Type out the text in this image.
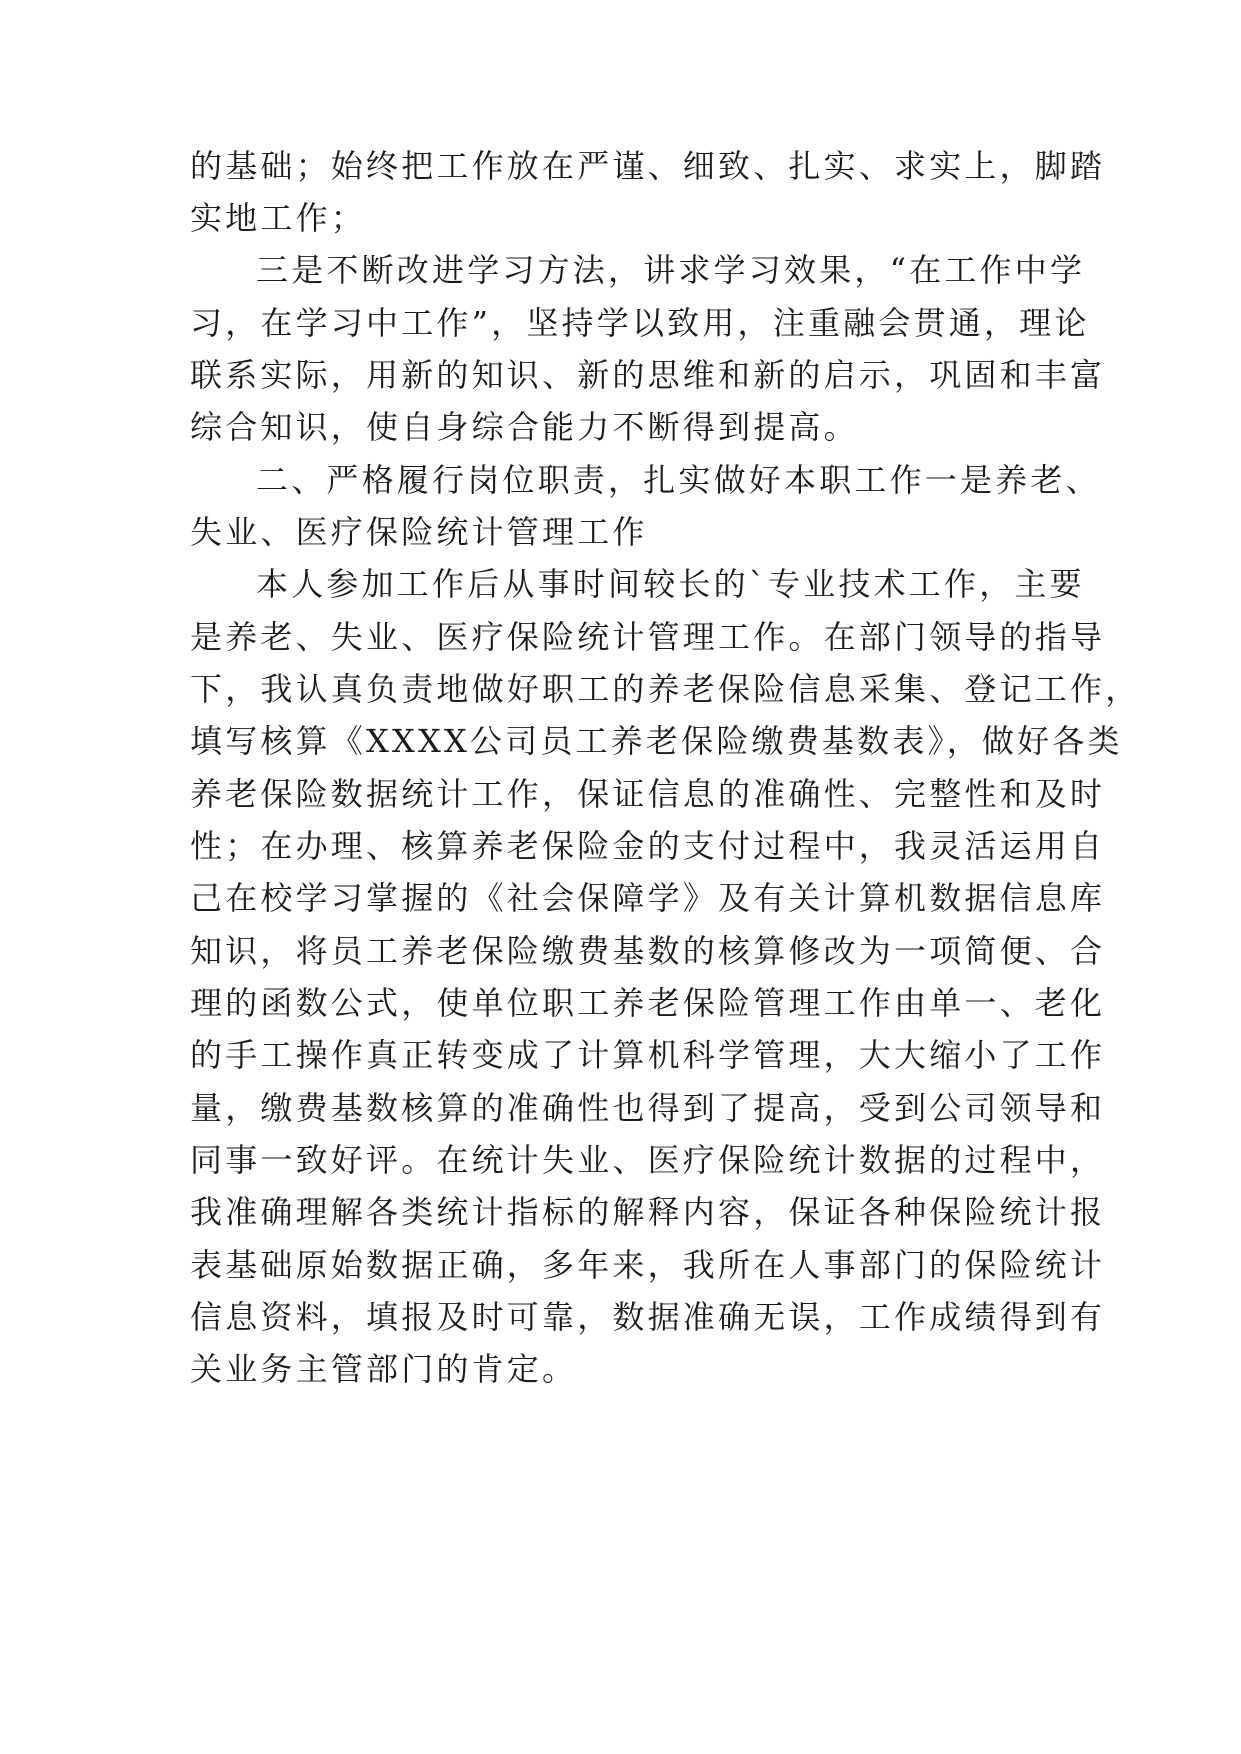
的基础；始终把工作放在严谨、细致、扎实、求实上，脚踏
实地工作；
三是不断改进学习方法，讲求学习效果，“在工作中学
习，在学习中工作”，坚持学以致用，注重融会贯通，理论
联系实际，用新的知识、新的思维和新的启示，巩固和丰富
综合知识，使自身综合能力不断得到提高。
二、严格履行岗位职责，扎实做好本职工作一是养老、
失业、医疗保险统计管理工作
本人参加工作后从事时间较长的`专业技术工作，主要
是养老、失业、医疗保险统计管理工作。在部门领导的指导
下，我认真负责地做好职工的养老保险信息采集、登记工作，
填写核算《XXXX公司员工养老保险缴费基数表》，做好各类
养老保险数据统计工作，保证信息的准确性、完整性和及时
性；在办理、核算养老保险金的支付过程中，我灵活运用自
己在校学习掌握的《社会保障学》及有关计算机数据信息库
知识，将员工养老保险缴费基数的核算修改为一项简便、合
理的函数公式，使单位职工养老保险管理工作由单一、老化
的手工操作真正转变成了计算机科学管理，大大缩小了工作
量，缴费基数核算的准确性也得到了提高，受到公司领导和
同事一致好评。在统计失业、医疗保险统计数据的过程中，
我准确理解各类统计指标的解释内容，保证各种保险统计报
表基础原始数据正确，多年来，我所在人事部门的保险统计
信息资料，填报及时可靠，数据准确无误，工作成绩得到有
关业务主管部门的肯定。
